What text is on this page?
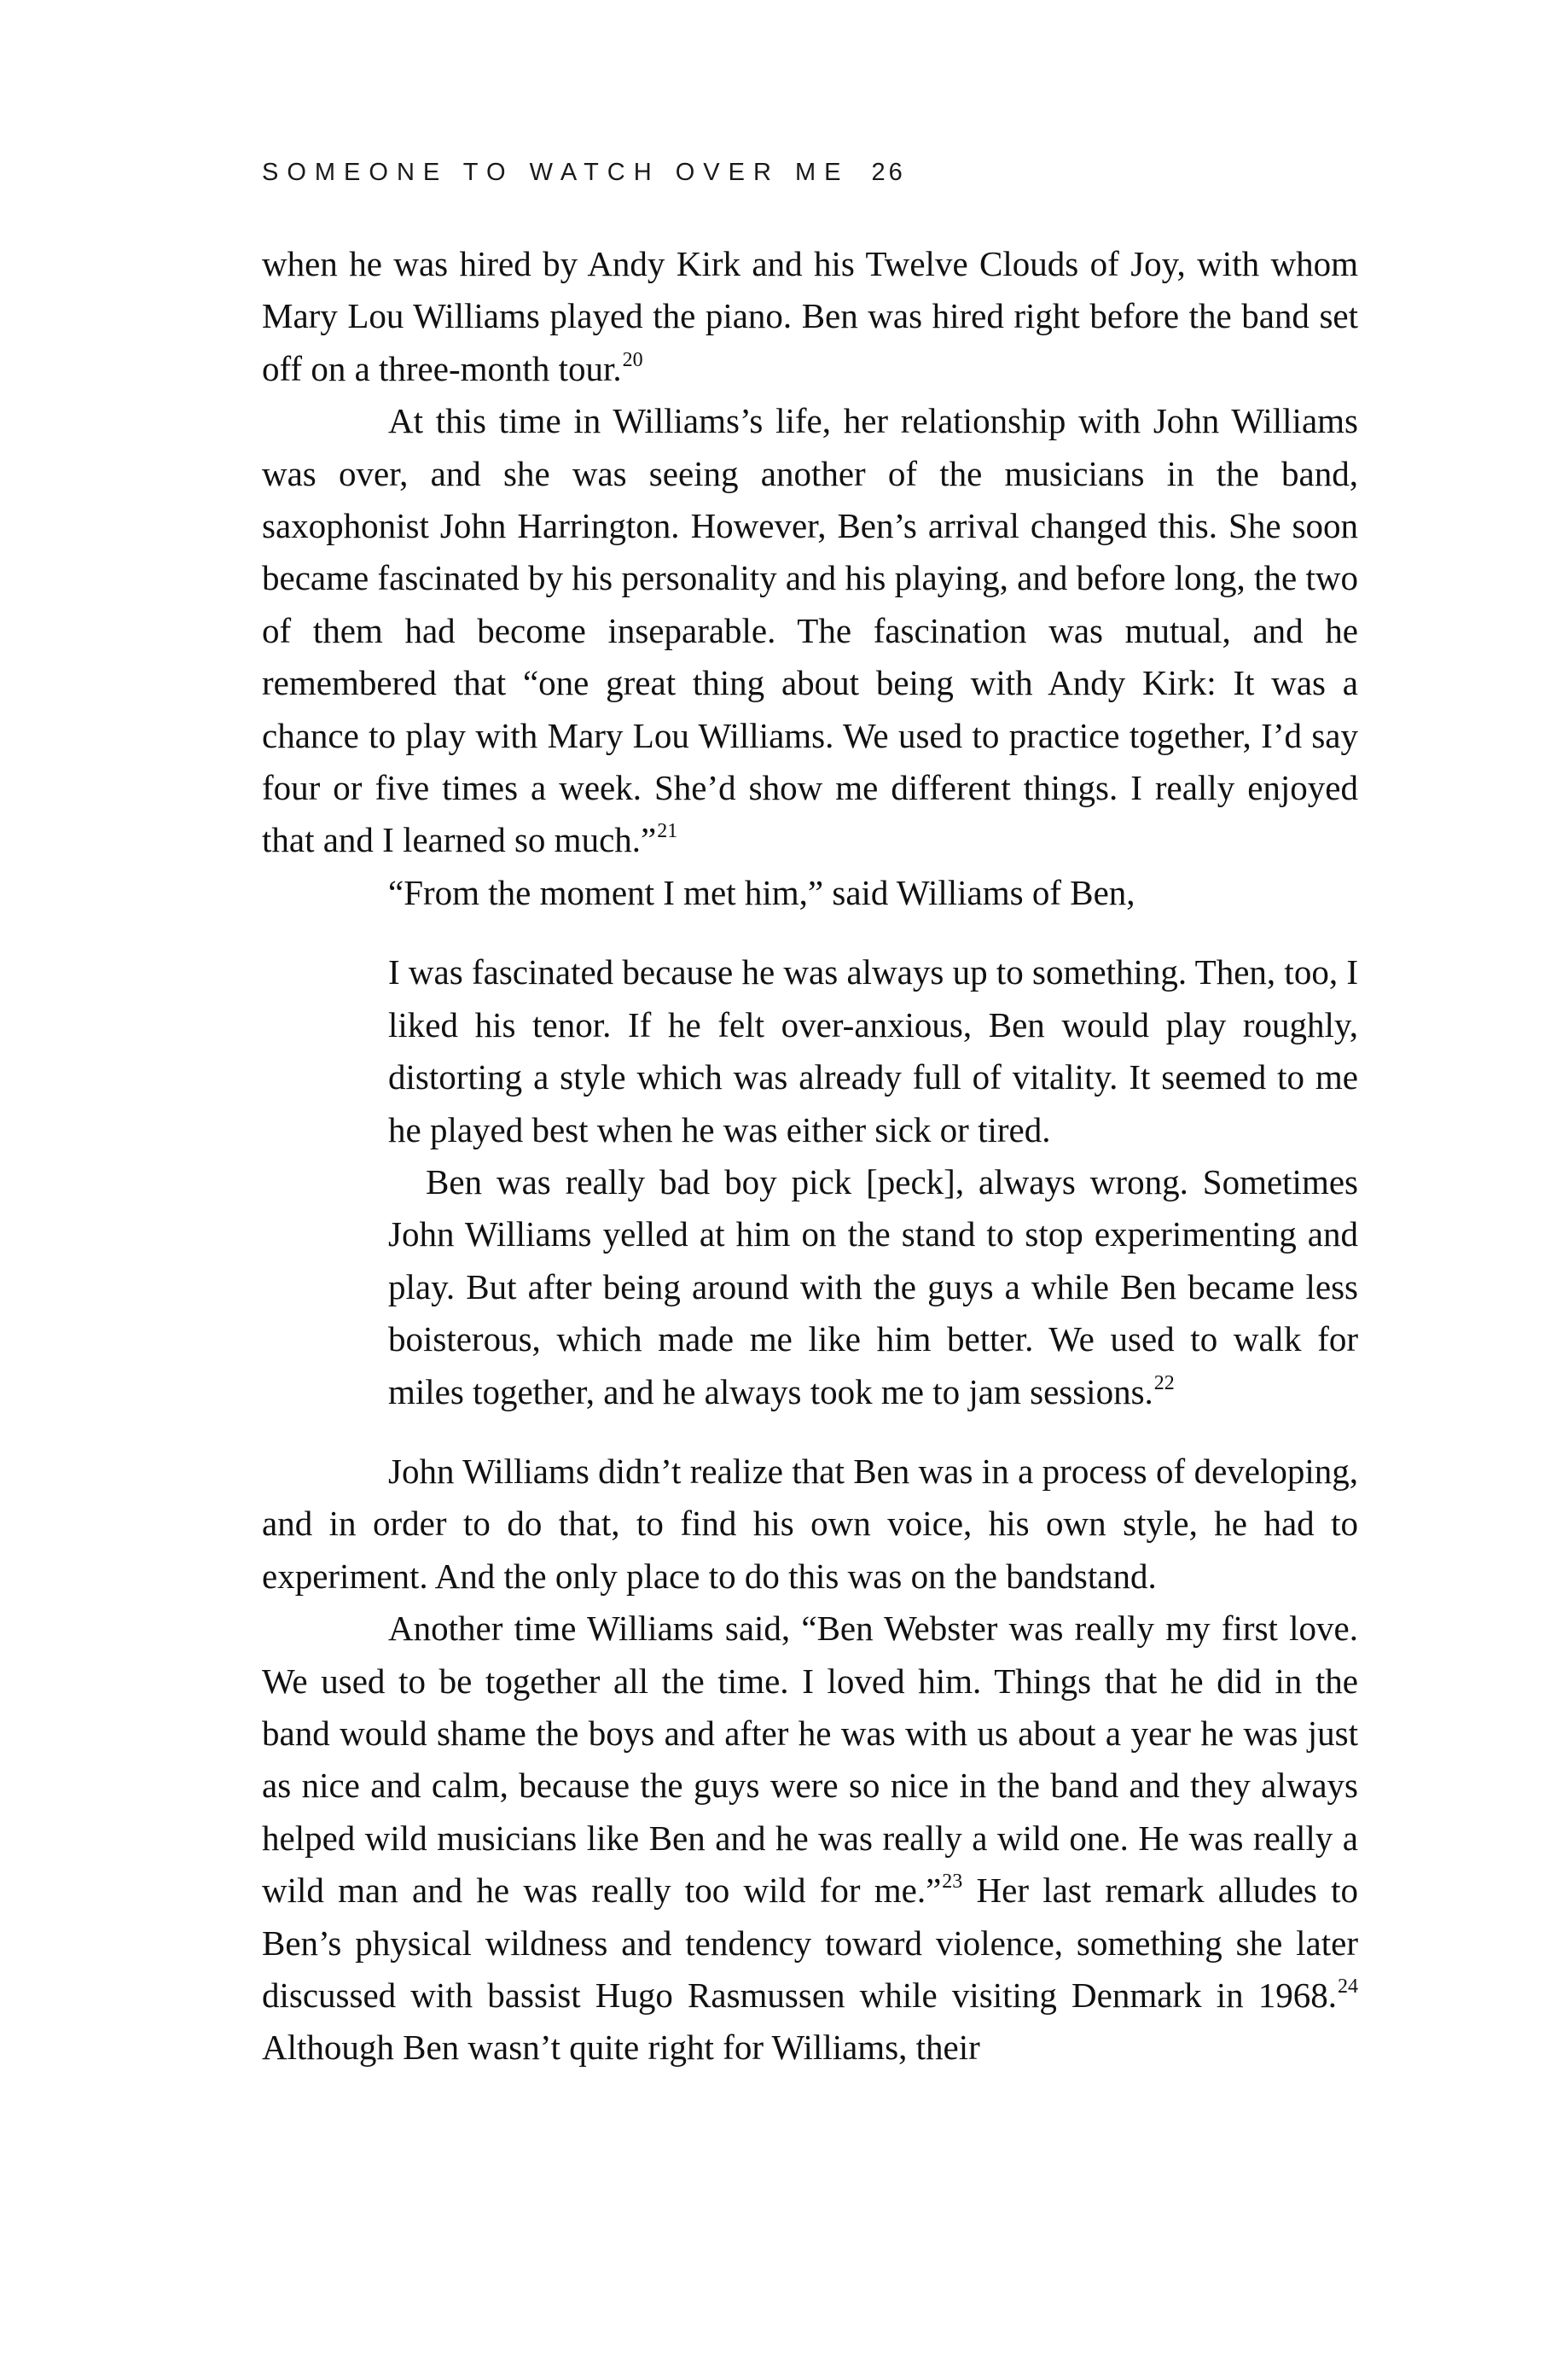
SOMEONE TO WATCH OVER ME 26

when he was hired by Andy Kirk and his Twelve Clouds of Joy, with whom Mary Lou Williams played the piano. Ben was hired right before the band set off on a three-month tour.$^{20}$

At this time in Williams’s life, her relationship with John Williams was over, and she was seeing another of the musicians in the band, saxophonist John Harrington. However, Ben’s arrival changed this. She soon became fascinated by his personality and his playing, and before long, the two of them had become inseparable. The fascination was mutual, and he remembered that “one great thing about being with Andy Kirk: It was a chance to play with Mary Lou Williams. We used to practice together, I’d say four or five times a week. She’d show me different things. I really enjoyed that and I learned so much.”$^{21}$

“From the moment I met him,” said Williams of Ben,

I was fascinated because he was always up to something. Then, too, I liked his tenor. If he felt over-anxious, Ben would play roughly, distorting a style which was already full of vitality. It seemed to me he played best when he was either sick or tired.

Ben was really bad boy pick [peck], always wrong. Sometimes John Williams yelled at him on the stand to stop experimenting and play. But after being around with the guys a while Ben became less boisterous, which made me like him better. We used to walk for miles together, and he always took me to jam sessions.$^{22}$

John Williams didn’t realize that Ben was in a process of developing, and in order to do that, to find his own voice, his own style, he had to experiment. And the only place to do this was on the bandstand.

Another time Williams said, “Ben Webster was really my first love. We used to be together all the time. I loved him. Things that he did in the band would shame the boys and after he was with us about a year he was just as nice and calm, because the guys were so nice in the band and they always helped wild musicians like Ben and he was really a wild one. He was really a wild man and he was really too wild for me.”$^{23}$ Her last remark alludes to Ben’s physical wildness and tendency toward violence, something she later discussed with bassist Hugo Rasmussen while visiting Denmark in 1968.24 Although Ben wasn’t quite right for Williams, their
